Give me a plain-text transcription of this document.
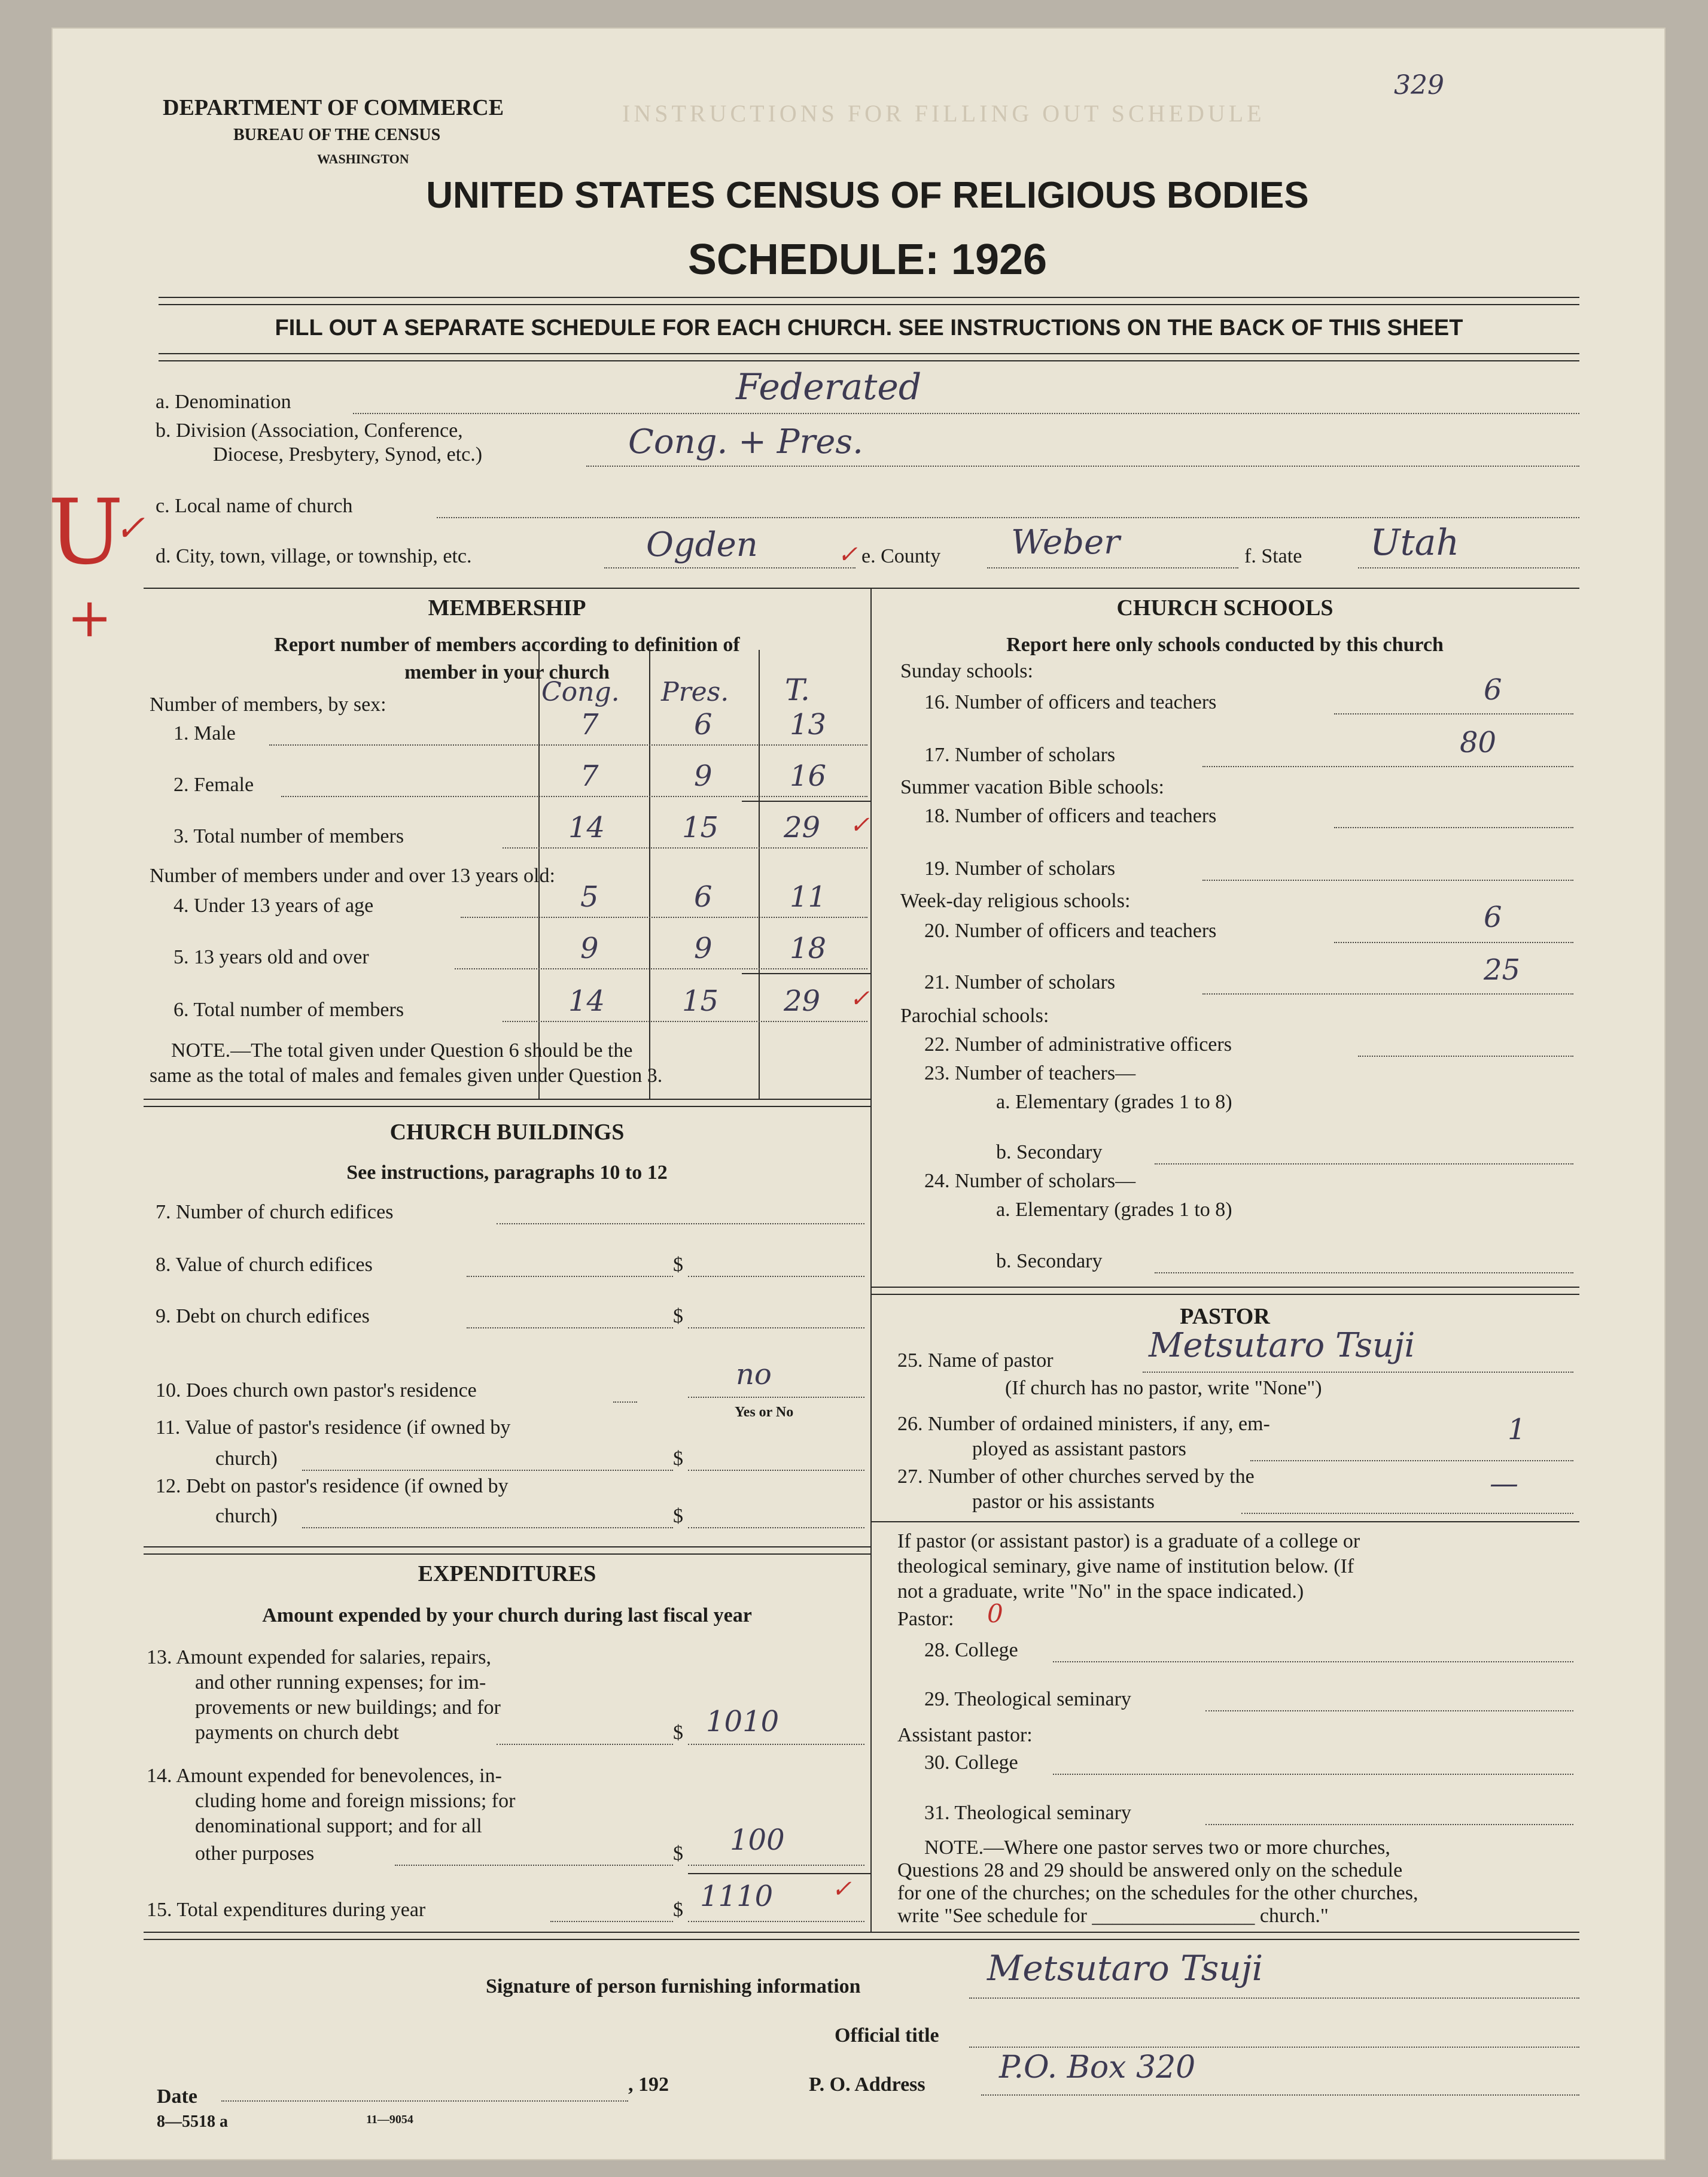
INSTRUCTIONS FOR FILLING OUT SCHEDULE
329
DEPARTMENT OF COMMERCE
BUREAU OF THE CENSUS
WASHINGTON
UNITED STATES CENSUS OF RELIGIOUS BODIES
SCHEDULE: 1926
FILL OUT A SEPARATE SCHEDULE FOR EACH CHURCH. SEE INSTRUCTIONS ON THE BACK OF THIS SHEET
a. Denomination	Federated
b. Division (Association, Conference,
Diocese, Presbytery, Synod, etc.)	Cong. + Pres.
c. Local name of church
d. City, town, village, or township, etc.	Ogden	✓ e. County Weber	f. State Utah
U
✓
+	MEMBERSHIP
Report number of members according to definition of
member in your church
Cong. Pres. T.
Number of members, by sex:
1. Male	7	6	13
2. Female	7	9	16
3. Total number of members	14	15 29 ✓
Number of members under and over 13 years old:
4. Under 13 years of age	5	6	11
5. 13 years old and over	9	9	18
6. Total number of members	14	15 29 ✓
NOTE.—The total given under Question 6 should be the
same as the total of males and females given under Question 3.
CHURCH BUILDINGS
See instructions, paragraphs 10 to 12
7. Number of church edifices
8. Value of church edifices	$
9. Debt on church edifices	$
10. Does church own pastor's residence	no
Yes or No
11. Value of pastor's residence (if owned by
church)	$
12. Debt on pastor's residence (if owned by
church)	$
EXPENDITURES
Amount expended by your church during last fiscal year
13. Amount expended for salaries, repairs,
and other running expenses; for im-
provements or new buildings; and for
payments on church debt	$ 1010
14. Amount expended for benevolences, in-
cluding home and foreign missions; for
denominational support; and for all
other purposes	$ 100
15. Total expenditures during year	$ 1110 ✓
CHURCH SCHOOLS
Report here only schools conducted by this church
Sunday schools:
16. Number of officers and teachers	6
17. Number of scholars	80
Summer vacation Bible schools:
18. Number of officers and teachers
19. Number of scholars
Week-day religious schools:
20. Number of officers and teachers	6
21. Number of scholars	25
Parochial schools:
22. Number of administrative officers
23. Number of teachers—
a. Elementary (grades 1 to 8)
b. Secondary
24. Number of scholars—
a. Elementary (grades 1 to 8)
b. Secondary
PASTOR
25. Name of pastor	Metsutaro Tsuji
(If church has no pastor, write "None")
26. Number of ordained ministers, if any, em-
ployed as assistant pastors
1
27. Number of other churches served by the
pastor or his assistants
—
If pastor (or assistant pastor) is a graduate of a college or
theological seminary, give name of institution below. (If
not a graduate, write "No" in the space indicated.)
Pastor: 0
28. College
29. Theological seminary
Assistant pastor:
30. College
31. Theological seminary
NOTE.—Where one pastor serves two or more churches,
Questions 28 and 29 should be answered only on the schedule
for one of the churches; on the schedules for the other churches,
write "See schedule for ________________ church."
Signature of person furnishing information	Metsutaro Tsuji
Official title
Date
, 192	P. O. Address P.O. Box 320
8—5518 a	11—9054
